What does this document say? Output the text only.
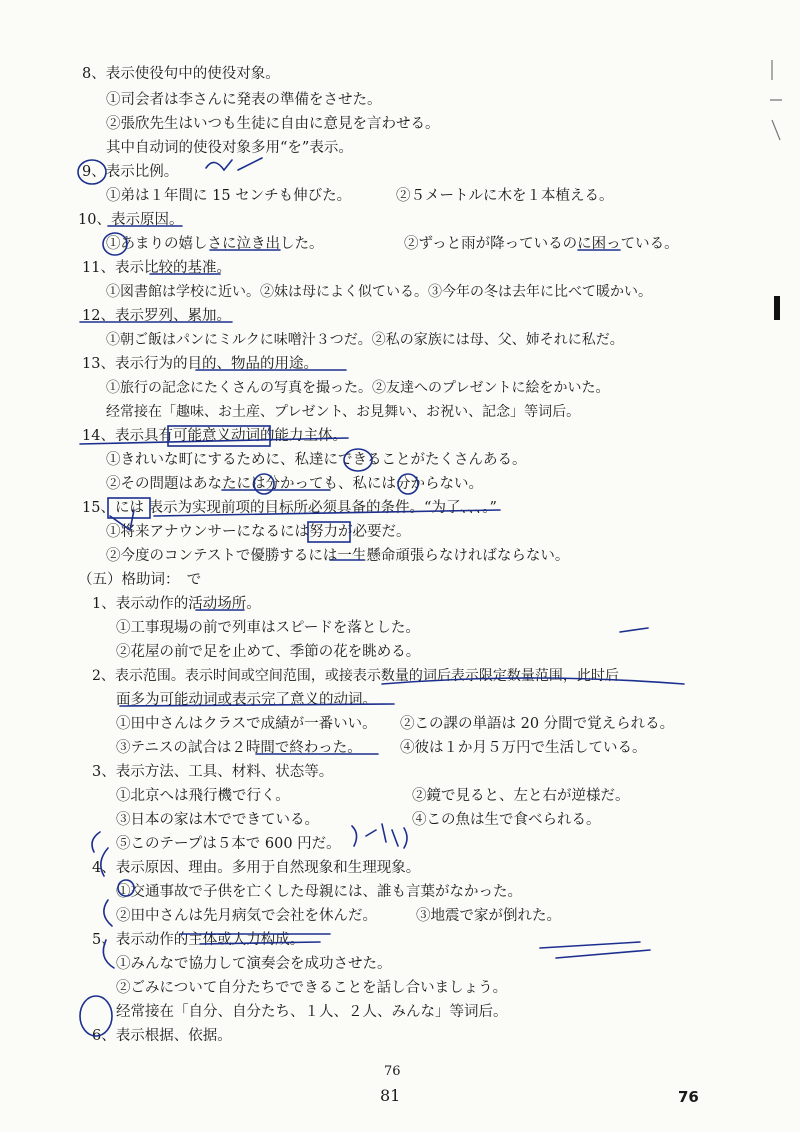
8、表示使役句中的使役对象。
①司会者は李さんに発表の準備をさせた。
②張欣先生はいつも生徒に自由に意見を言わせる。
其中自动词的使役对象多用“を”表示。
9、表示比例。
①弟は１年間に 15 センチも伸びた。	②５メートルに木を１本植える。
10、表示原因。
①あまりの嬉しさに泣き出した。	②ずっと雨が降っているのに困っている。
11、表示比较的基准。
①図書館は学校に近い。②妹は母によく似ている。③今年の冬は去年に比べて暖かい。
12、表示罗列、累加。
①朝ご飯はパンにミルクに味噌汁３つだ。②私の家族には母、父、姉それに私だ。
13、表示行为的目的、物品的用途。
①旅行の記念にたくさんの写真を撮った。②友達へのプレゼントに絵をかいた。
经常接在「趣味、お土産、プレゼント、お見舞い、お祝い、記念」等词后。
14、表示具有可能意义动词的能力主体。
①きれいな町にするために、私達にできることがたくさんある。
②その問題はあなたには分かっても、私には分からない。
15、には 表示为实现前项的目标所必须具备的条件。“为了、、、。”
①将来アナウンサーになるには努力が必要だ。
②今度のコンテストで優勝するには一生懸命頑張らなければならない。
（五）格助词：　で
1、表示动作的活动场所。
①工事現場の前で列車はスピードを落とした。
②花屋の前で足を止めて、季節の花を眺める。
2、表示范围。表示时间或空间范围，或接表示数量的词后表示限定数量范围，此时后
面多为可能动词或表示完了意义的动词。
①田中さんはクラスで成績が一番いい。 ②この課の単語は 20 分間で覚えられる。
③テニスの試合は２時間で終わった。	④彼は１か月５万円で生活している。
3、表示方法、工具、材料、状态等。
①北京へは飛行機で行く。	②鏡で見ると、左と右が逆様だ。
③日本の家は木でできている。	④この魚は生で食べられる。
⑤このテープは５本で 600 円だ。
4、表示原因、理由。多用于自然现象和生理现象。
①交通事故で子供を亡くした母親には、誰も言葉がなかった。
②田中さんは先月病気で会社を休んだ。	③地震で家が倒れた。
5、表示动作的主体或人力构成。
①みんなで協力して演奏会を成功させた。
②ごみについて自分たちでできることを話し合いましょう。
经常接在「自分、自分たち、１人、２人、みんな」等词后。
6、表示根据、依据。
76
81	76
